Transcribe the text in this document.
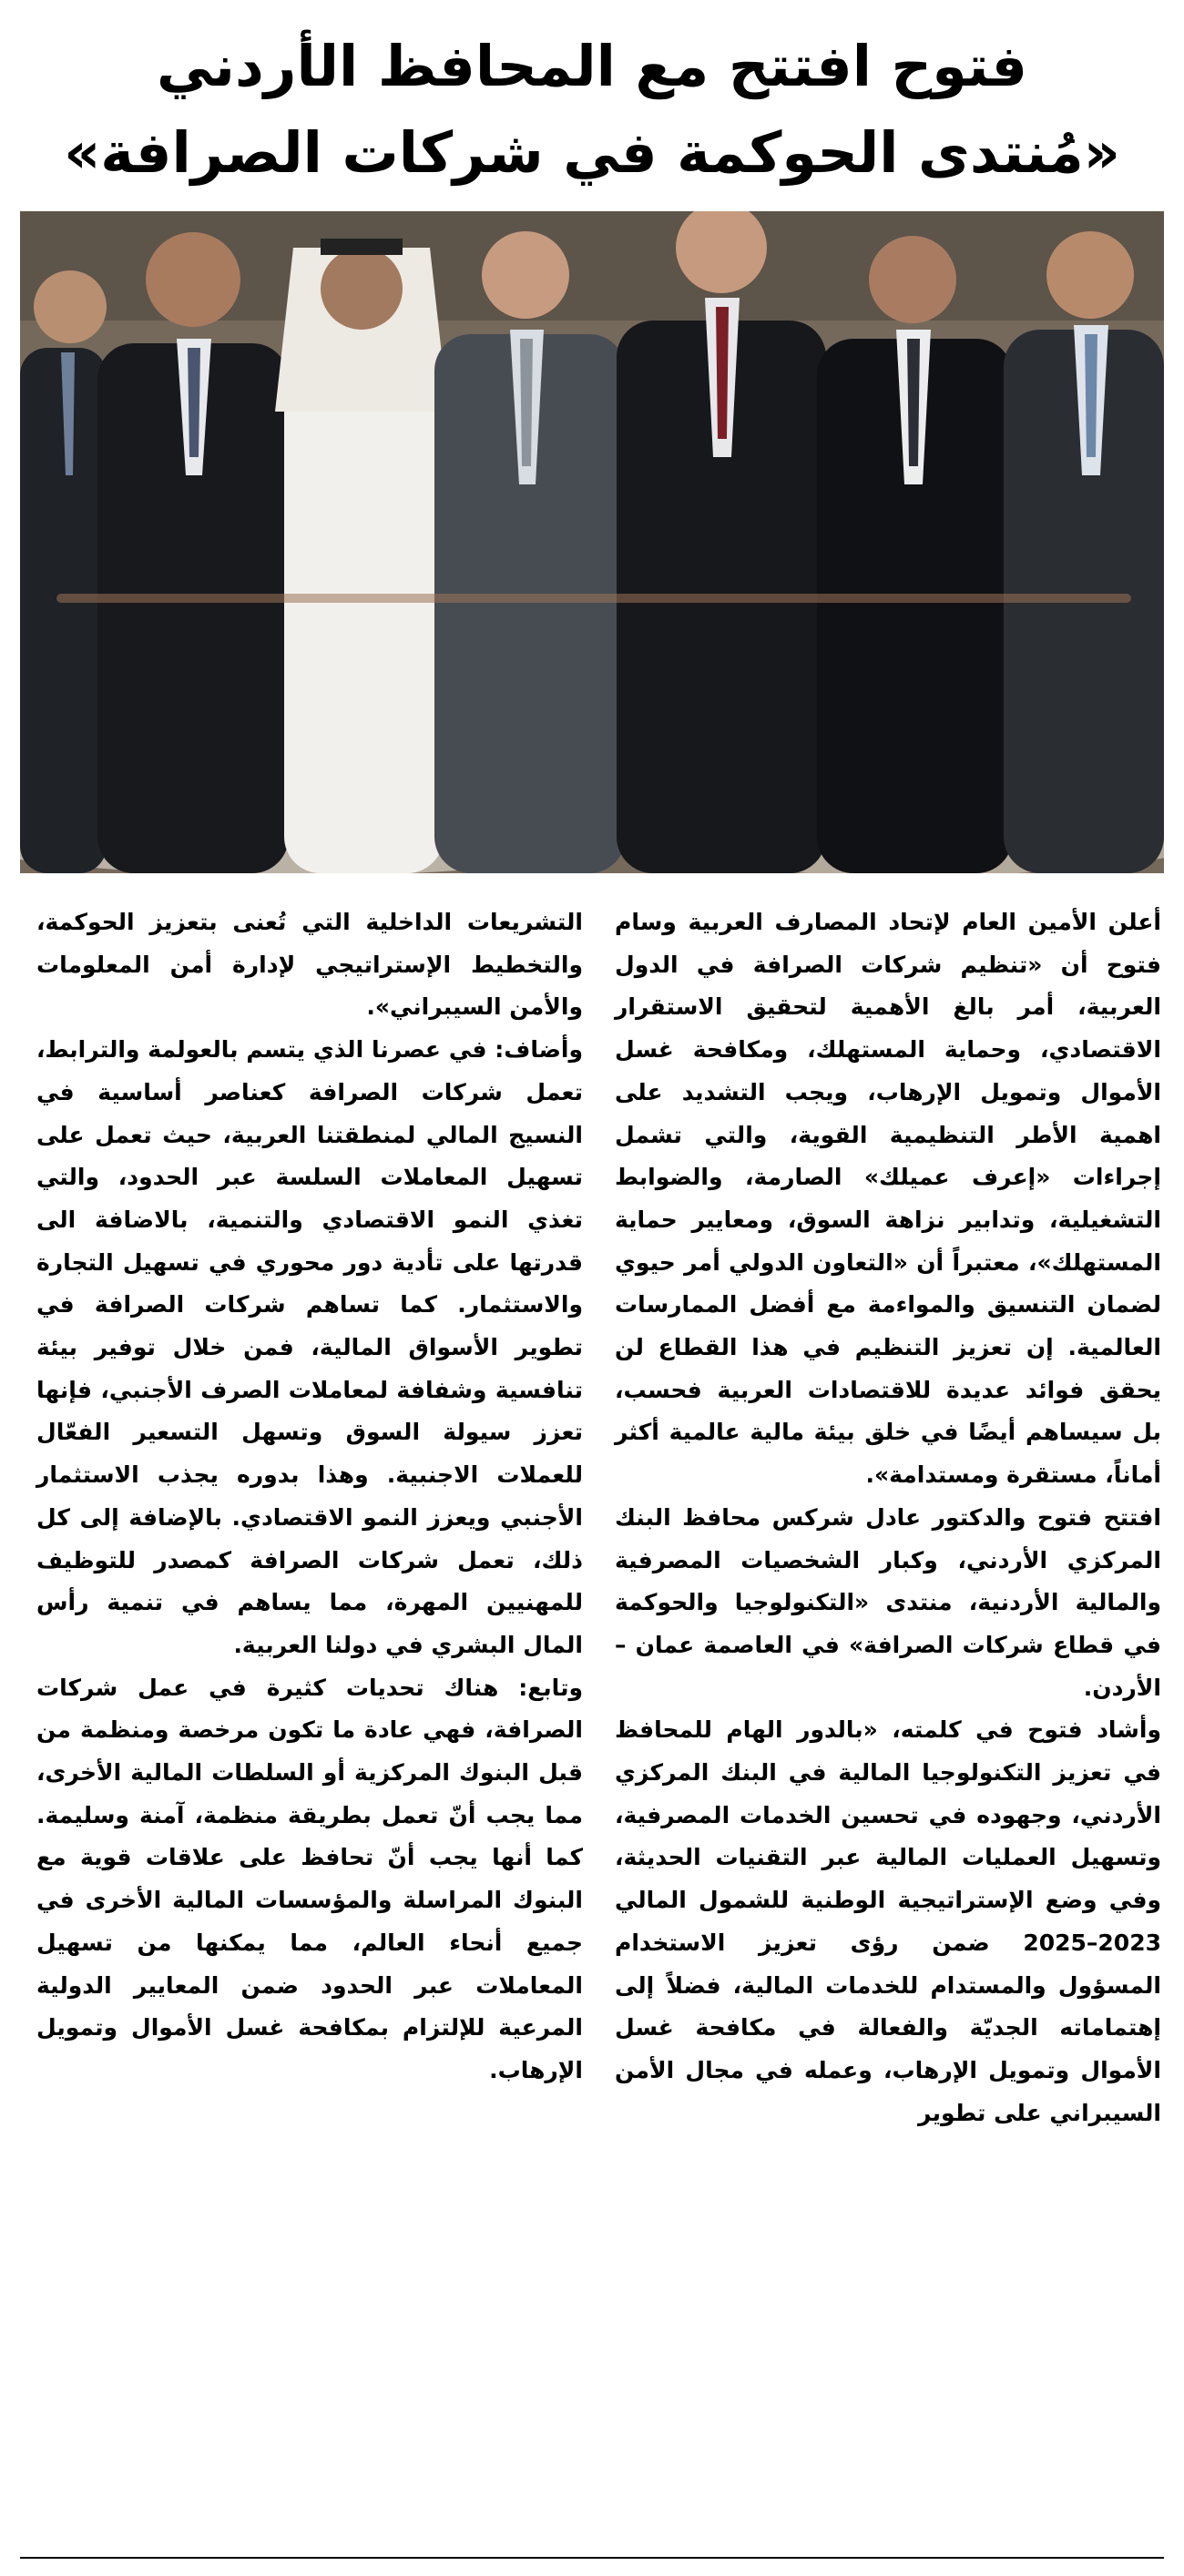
فتوح افتتح مع المحافظ الأردني
«مُنتدى الحوكمة في شركات الصرافة»

أعلن الأمين العام لإتحاد المصارف العربية وسام فتوح أن «تنظيم شركات الصرافة في الدول العربية، أمر بالغ الأهمية لتحقيق الاستقرار الاقتصادي، وحماية المستهلك، ومكافحة غسل الأموال وتمويل الإرهاب، ويجب التشديد على اهمية الأطر التنظيمية القوية، والتي تشمل إجراءات «إعرف عميلك» الصارمة، والضوابط التشغيلية، وتدابير نزاهة السوق، ومعايير حماية المستهلك»، معتبراً أن «التعاون الدولي أمر حيوي لضمان التنسيق والمواءمة مع أفضل الممارسات العالمية. إن تعزيز التنظيم في هذا القطاع لن يحقق فوائد عديدة للاقتصادات العربية فحسب، بل سيساهم أيضًا في خلق بيئة مالية عالمية أكثر أماناً، مستقرة ومستدامة».

افتتح فتوح والدكتور عادل شركس محافظ البنك المركزي الأردني، وكبار الشخصيات المصرفية والمالية الأردنية، منتدى «التكنولوجيا والحوكمة في قطاع شركات الصرافة» في العاصمة عمان – الأردن.

وأشاد فتوح في كلمته، «بالدور الهام للمحافظ في تعزيز التكنولوجيا المالية في البنك المركزي الأردني، وجهوده في تحسين الخدمات المصرفية، وتسهيل العمليات المالية عبر التقنيات الحديثة، وفي وضع الإستراتيجية الوطنية للشمول المالي 2023–2025 ضمن رؤى تعزيز الاستخدام المسؤول والمستدام للخدمات المالية، فضلاً إلى إهتماماته الجديّة والفعالة في مكافحة غسل الأموال وتمويل الإرهاب، وعمله في مجال الأمن السيبراني على تطوير

التشريعات الداخلية التي تُعنى بتعزيز الحوكمة، والتخطيط الإستراتيجي لإدارة أمن المعلومات والأمن السيبراني».

وأضاف: في عصرنا الذي يتسم بالعولمة والترابط، تعمل شركات الصرافة كعناصر أساسية في النسيج المالي لمنطقتنا العربية، حيث تعمل على تسهيل المعاملات السلسة عبر الحدود، والتي تغذي النمو الاقتصادي والتنمية، بالاضافة الى قدرتها على تأدية دور محوري في تسهيل التجارة والاستثمار. كما تساهم شركات الصرافة في تطوير الأسواق المالية، فمن خلال توفير بيئة تنافسية وشفافة لمعاملات الصرف الأجنبي، فإنها تعزز سيولة السوق وتسهل التسعير الفعّال للعملات الاجنبية. وهذا بدوره يجذب الاستثمار الأجنبي ويعزز النمو الاقتصادي. بالإضافة إلى كل ذلك، تعمل شركات الصرافة كمصدر للتوظيف للمهنيين المهرة، مما يساهم في تنمية رأس المال البشري في دولنا العربية.

وتابع: هناك تحديات كثيرة في عمل شركات الصرافة، فهي عادة ما تكون مرخصة ومنظمة من قبل البنوك المركزية أو السلطات المالية الأخرى، مما يجب أنّ تعمل بطريقة منظمة، آمنة وسليمة. كما أنها يجب أنّ تحافظ على علاقات قوية مع البنوك المراسلة والمؤسسات المالية الأخرى في جميع أنحاء العالم، مما يمكنها من تسهيل المعاملات عبر الحدود ضمن المعايير الدولية المرعية للإلتزام بمكافحة غسل الأموال وتمويل الإرهاب.
